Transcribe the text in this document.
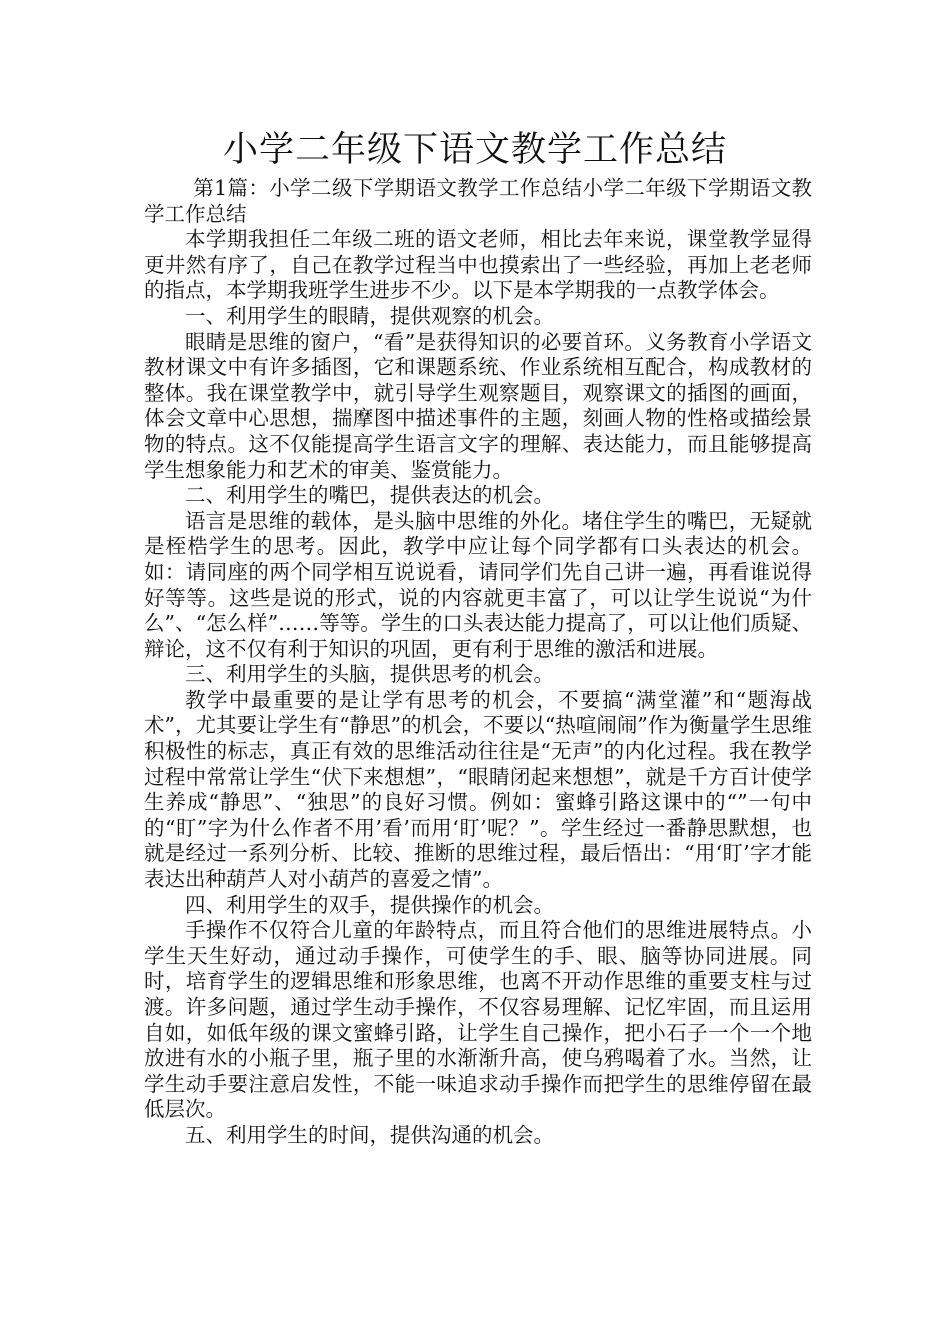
小学二年级下语文教学工作总结

第1篇：小学二级下学期语文教学工作总结小学二年级下学期语文教学工作总结

本学期我担任二年级二班的语文老师，相比去年来说，课堂教学显得更井然有序了，自己在教学过程当中也摸索出了一些经验，再加上老老师的指点，本学期我班学生进步不少。以下是本学期我的一点教学体会。

一、利用学生的眼睛，提供观察的机会。

眼睛是思维的窗户，“看”是获得知识的必要首环。义务教育小学语文教材课文中有许多插图，它和课题系统、作业系统相互配合，构成教材的整体。我在课堂教学中，就引导学生观察题目，观察课文的插图的画面，体会文章中心思想，揣摩图中描述事件的主题，刻画人物的性格或描绘景物的特点。这不仅能提高学生语言文字的理解、表达能力，而且能够提高学生想象能力和艺术的审美、鉴赏能力。

二、利用学生的嘴巴，提供表达的机会。

语言是思维的载体，是头脑中思维的外化。堵住学生的嘴巴，无疑就是桎梏学生的思考。因此，教学中应让每个同学都有口头表达的机会。如：请同座的两个同学相互说说看，请同学们先自己讲一遍，再看谁说得好等等。这些是说的形式，说的内容就更丰富了，可以让学生说说“为什么”、“怎么样”……等等。学生的口头表达能力提高了，可以让他们质疑、辩论，这不仅有利于知识的巩固，更有利于思维的激活和进展。

三、利用学生的头脑，提供思考的机会。

教学中最重要的是让学有思考的机会，不要搞“满堂灌”和“题海战术”，尤其要让学生有“静思”的机会，不要以“热喧闹闹”作为衡量学生思维积极性的标志，真正有效的思维活动往往是“无声”的内化过程。我在教学过程中常常让学生“伏下来想想”，“眼睛闭起来想想”，就是千方百计使学生养成“静思”、“独思”的良好习惯。例如：蜜蜂引路这课中的“”一句中的“盯”字为什么作者不用’看’而用‘盯’呢？”。学生经过一番静思默想，也就是经过一系列分析、比较、推断的思维过程，最后悟出：“用‘盯’字才能表达出种葫芦人对小葫芦的喜爱之情”。

四、利用学生的双手，提供操作的机会。

手操作不仅符合儿童的年龄特点，而且符合他们的思维进展特点。小学生天生好动，通过动手操作，可使学生的手、眼、脑等协同进展。同时，培育学生的逻辑思维和形象思维，也离不开动作思维的重要支柱与过渡。许多问题，通过学生动手操作，不仅容易理解、记忆牢固，而且运用自如，如低年级的课文蜜蜂引路，让学生自己操作，把小石子一个一个地放进有水的小瓶子里，瓶子里的水渐渐升高，使乌鸦喝着了水。当然，让学生动手要注意启发性，不能一味追求动手操作而把学生的思维停留在最低层次。

五、利用学生的时间，提供沟通的机会。
